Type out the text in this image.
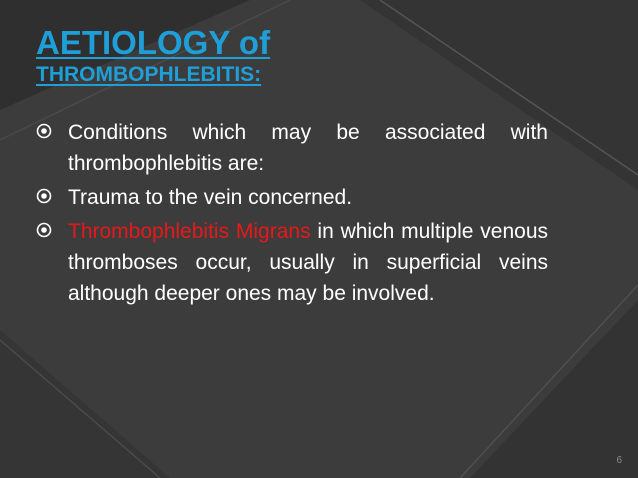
AETIOLOGY of
THROMBOPHLEBITIS:
Conditions which may be associated with thrombophlebitis are:
Trauma to the vein concerned.
Thrombophlebitis Migrans in which multiple venous thromboses occur, usually in superficial veins although deeper ones may be involved.
6
